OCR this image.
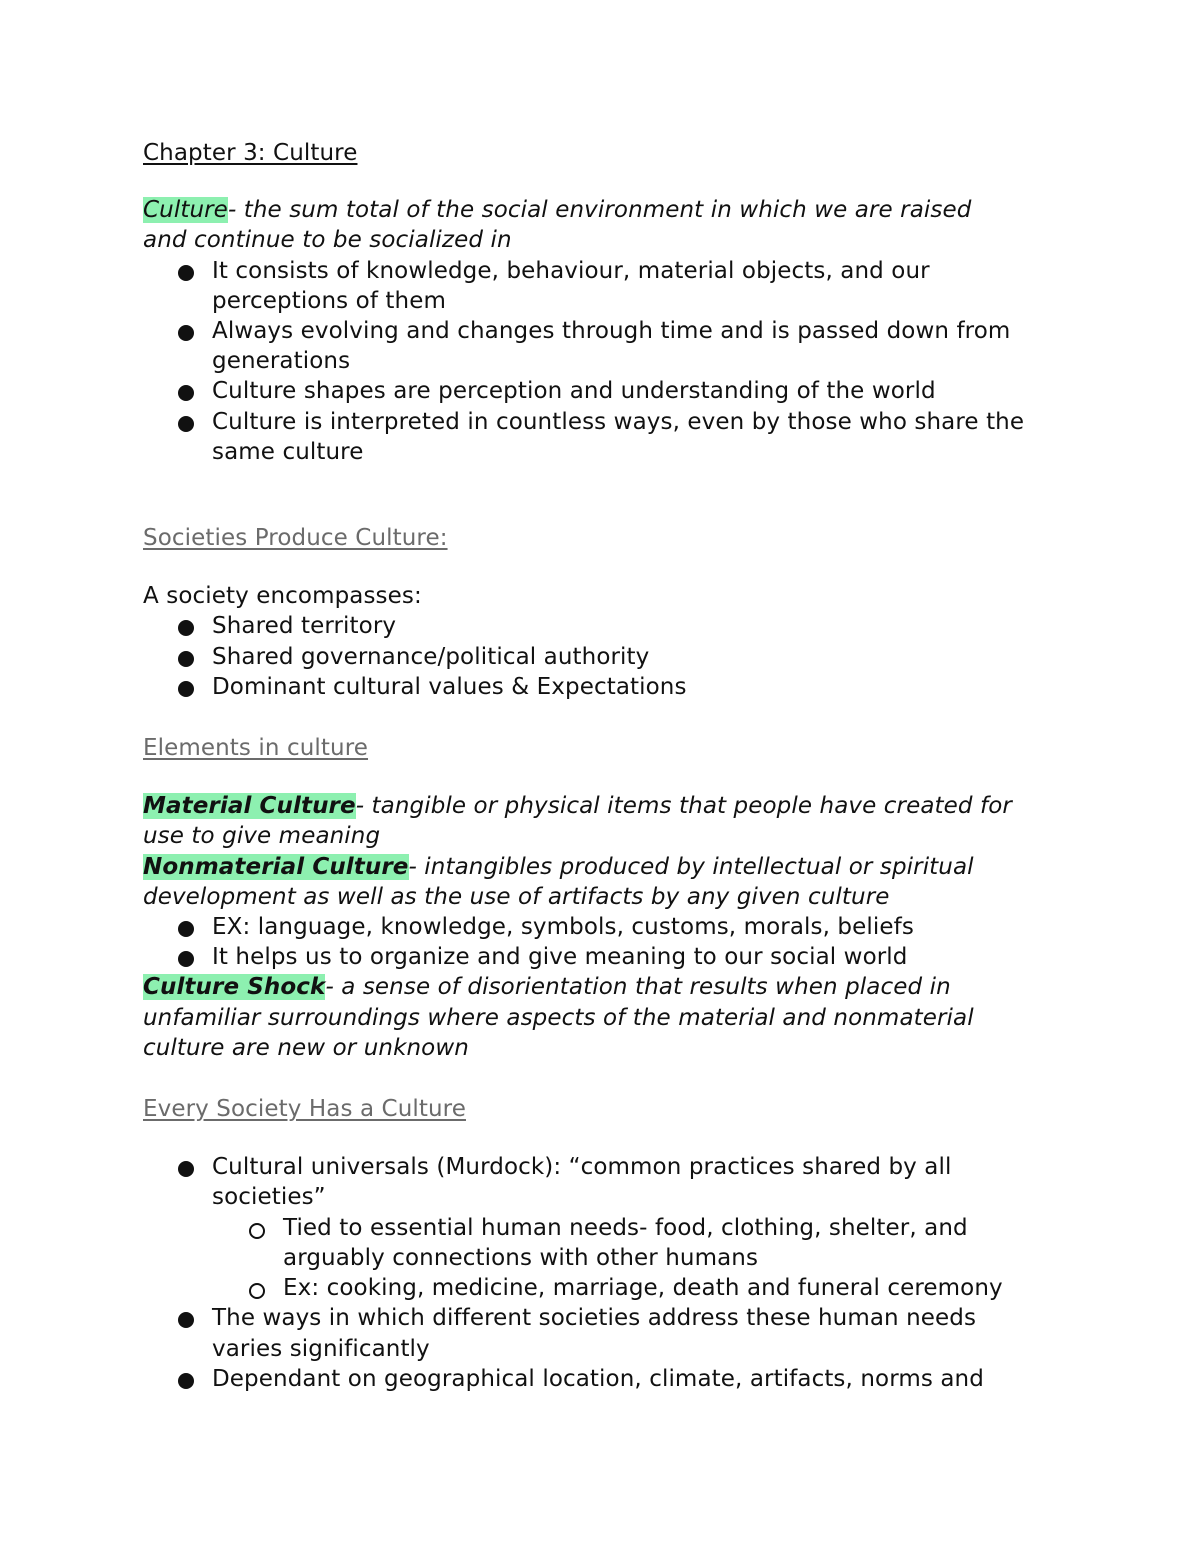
Chapter 3: Culture
Culture- the sum total of the social environment in which we are raised
and continue to be socialized in
It consists of knowledge, behaviour, material objects, and our
perceptions of them
Always evolving and changes through time and is passed down from
generations
Culture shapes are perception and understanding of the world
Culture is interpreted in countless ways, even by those who share the
same culture
Societies Produce Culture:
A society encompasses:
Shared territory
Shared governance/political authority
Dominant cultural values & Expectations
Elements in culture
Material Culture- tangible or physical items that people have created for
use to give meaning
Nonmaterial Culture- intangibles produced by intellectual or spiritual
development as well as the use of artifacts by any given culture
EX: language, knowledge, symbols, customs, morals, beliefs
It helps us to organize and give meaning to our social world
Culture Shock- a sense of disorientation that results when placed in
unfamiliar surroundings where aspects of the material and nonmaterial
culture are new or unknown
Every Society Has a Culture
Cultural universals (Murdock): “common practices shared by all
societies”
Tied to essential human needs- food, clothing, shelter, and
arguably connections with other humans
Ex: cooking, medicine, marriage, death and funeral ceremony
The ways in which different societies address these human needs
varies significantly
Dependant on geographical location, climate, artifacts, norms and
